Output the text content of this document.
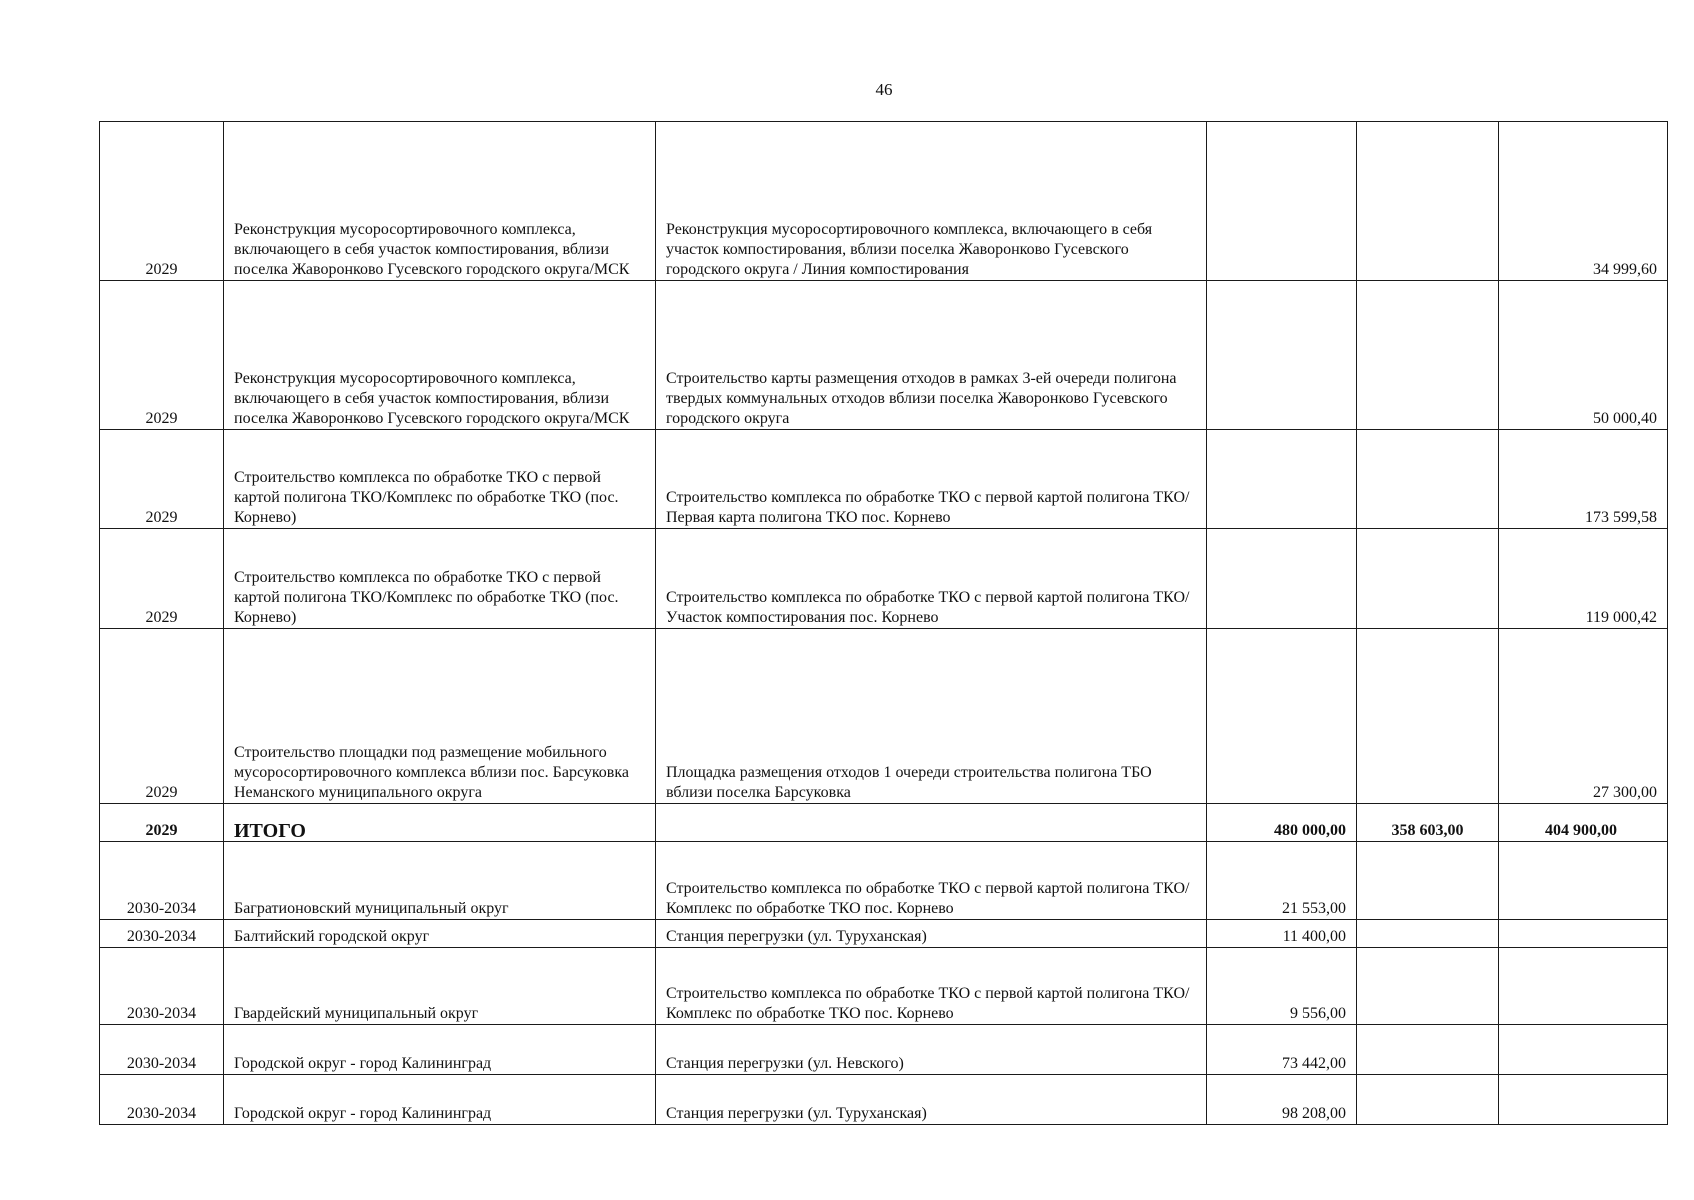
46
2029	Реконструкция мусоросортировочного комплекса, включающего в себя участок компостирования, вблизи поселка Жаворонково Гусевского городского округа/МСК	Реконструкция мусоросортировочного комплекса, включающего в себя участок компостирования, вблизи поселка Жаворонково Гусевского городского округа / Линия компостирования			34 999,60
2029	Реконструкция мусоросортировочного комплекса, включающего в себя участок компостирования, вблизи поселка Жаворонково Гусевского городского округа/МСК	Строительство карты размещения отходов в рамках 3-ей очереди полигона твердых коммунальных отходов вблизи поселка Жаворонково Гусевского городского округа			50 000,40
2029	Строительство комплекса по обработке ТКО с первой картой полигона ТКО/Комплекс по обработке ТКО (пос. Корнево)	Строительство комплекса по обработке ТКО с первой картой полигона ТКО/Первая карта полигона ТКО пос. Корнево			173 599,58
2029	Строительство комплекса по обработке ТКО с первой картой полигона ТКО/Комплекс по обработке ТКО (пос. Корнево)	Строительство комплекса по обработке ТКО с первой картой полигона ТКО/Участок компостирования пос. Корнево			119 000,42
2029	Строительство площадки под размещение мобильного мусоросортировочного комплекса вблизи пос. Барсуковка Неманского муниципального округа	Площадка размещения отходов 1 очереди строительства полигона ТБО вблизи поселка Барсуковка			27 300,00
2029	ИТОГО		480 000,00	358 603,00	404 900,00
2030-2034	Багратионовский муниципальный округ	Строительство комплекса по обработке ТКО с первой картой полигона ТКО/Комплекс по обработке ТКО пос. Корнево	21 553,00		
2030-2034	Балтийский городской округ	Станция перегрузки (ул. Туруханская)	11 400,00		
2030-2034	Гвардейский муниципальный округ	Строительство комплекса по обработке ТКО с первой картой полигона ТКО/Комплекс по обработке ТКО пос. Корнево	9 556,00		
2030-2034	Городской округ - город Калининград	Станция перегрузки (ул. Невского)	73 442,00		
2030-2034	Городской округ - город Калининград	Станция перегрузки (ул. Туруханская)	98 208,00		
